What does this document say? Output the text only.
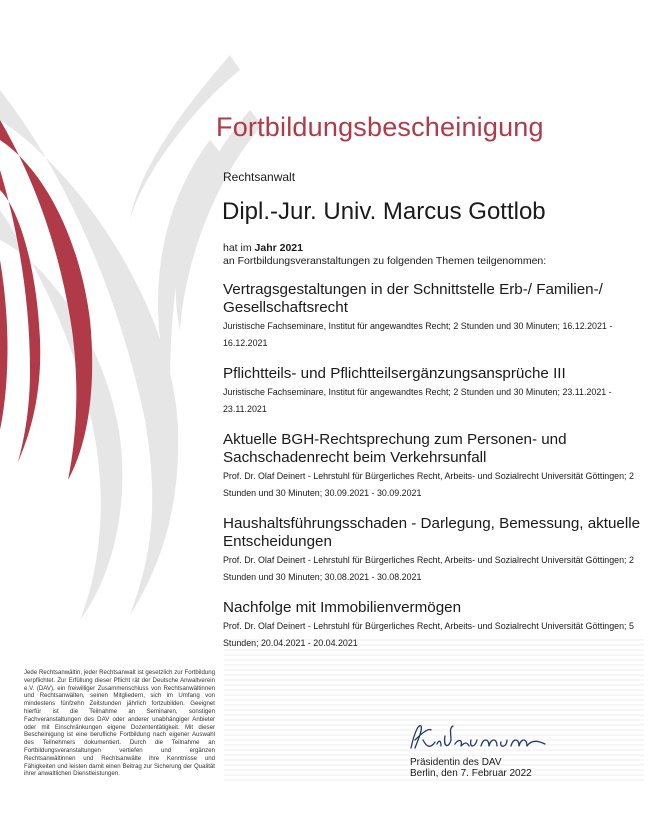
Fortbildungsbescheinigung
Rechtsanwalt
Dipl.-Jur. Univ. Marcus Gottlob
hat im Jahr 2021
an Fortbildungsveranstaltungen zu folgenden Themen teilgenommen:
Vertragsgestaltungen in der Schnittstelle Erb-/ Familien-/ Gesellschaftsrecht
Juristische Fachseminare, Institut für angewandtes Recht; 2 Stunden und 30 Minuten; 16.12.2021 - 16.12.2021
Pflichtteils- und Pflichtteilsergänzungsansprüche III
Juristische Fachseminare, Institut für angewandtes Recht; 2 Stunden und 30 Minuten; 23.11.2021 - 23.11.2021
Aktuelle BGH-Rechtsprechung zum Personen- und Sachschadenrecht beim Verkehrsunfall
Prof. Dr. Olaf Deinert - Lehrstuhl für Bürgerliches Recht, Arbeits- und Sozialrecht Universität Göttingen; 2 Stunden und 30 Minuten; 30.09.2021 - 30.09.2021
Haushaltsführungsschaden - Darlegung, Bemessung, aktuelle Entscheidungen
Prof. Dr. Olaf Deinert - Lehrstuhl für Bürgerliches Recht, Arbeits- und Sozialrecht Universität Göttingen; 2 Stunden und 30 Minuten; 30.08.2021 - 30.08.2021
Nachfolge mit Immobilienvermögen
Prof. Dr. Olaf Deinert - Lehrstuhl für Bürgerliches Recht, Arbeits- und Sozialrecht Universität Göttingen; 5 Stunden; 20.04.2021 - 20.04.2021
Jede Rechtsanwältin, jeder Rechtsanwalt ist gesetzlich zur Fortbildung verpflichtet. Zur Erfüllung dieser Pflicht rät der Deutsche Anwaltverein e.V. (DAV), ein freiwilliger Zusammenschluss von Rechtsanwältinnen und Rechtsanwälten, seinen Mitgliedern, sich im Umfang von mindestens fünfzehn Zeitstunden jährlich fortzubilden. Geeignet hierfür ist die Teilnahme an Seminaren, sonstigen Fachveranstaltungen des DAV oder anderer unabhängiger Anbieter oder mit Einschränkungen eigene Dozententätigkeit. Mit dieser Bescheinigung ist eine berufliche Fortbildung nach eigener Auswahl des Teilnehmers dokumentiert. Durch die Teilnahme an Fortbildungsveranstaltungen vertiefen und ergänzen Rechtsanwältinnen und Rechtsanwälte ihre Kenntnisse und Fähigkeiten und leisten damit einen Beitrag zur Sicherung der Qualität ihrer anwaltlichen Dienstleistungen.
Präsidentin des DAV
Berlin, den 7. Februar 2022
